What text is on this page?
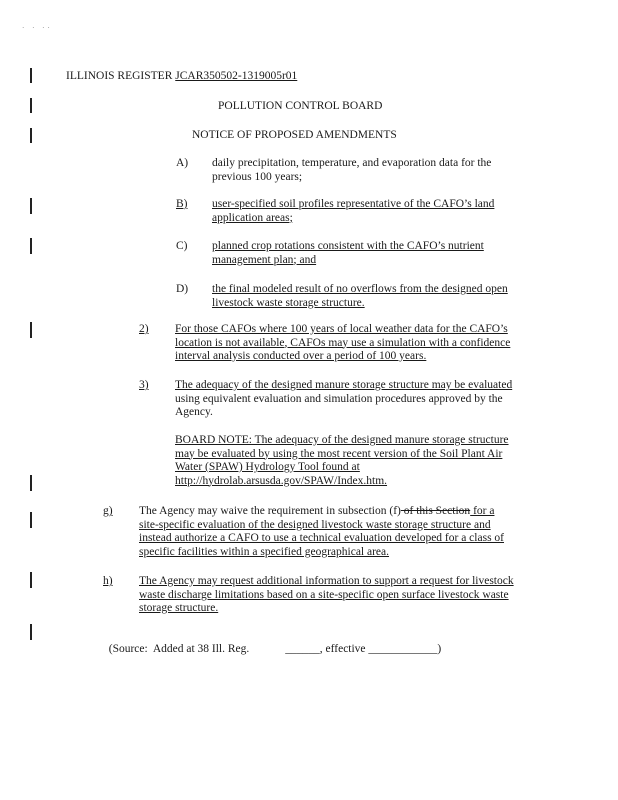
· · ··
ILLINOIS REGISTER JCAR350502-1319005r01
POLLUTION CONTROL BOARD
NOTICE OF PROPOSED AMENDMENTS
A) daily precipitation, temperature, and evaporation data for the
previous 100 years;
B) user-specified soil profiles representative of the CAFO’s land
application areas;
C) planned crop rotations consistent with the CAFO’s nutrient
management plan; and
D) the final modeled result of no overflows from the designed open
livestock waste storage structure.
2) For those CAFOs where 100 years of local weather data for the CAFO’s
location is not available, CAFOs may use a simulation with a confidence
interval analysis conducted over a period of 100 years.
3) The adequacy of the designed manure storage structure may be evaluated
using equivalent evaluation and simulation procedures approved by the
Agency.
BOARD NOTE: The adequacy of the designed manure storage structure
may be evaluated by using the most recent version of the Soil Plant Air
Water (SPAW) Hydrology Tool found at
http://hydrolab.arsusda.gov/SPAW/Index.htm.
g) The Agency may waive the requirement in subsection (f) of this Section for a
site-specific evaluation of the designed livestock waste storage structure and
instead authorize a CAFO to use a technical evaluation developed for a class of
specific facilities within a specified geographical area.
h) The Agency may request additional information to support a request for livestock
waste discharge limitations based on a site-specific open surface livestock waste
storage structure.

(Source:  Added at 38 Ill. Reg.	______, effective ____________)
